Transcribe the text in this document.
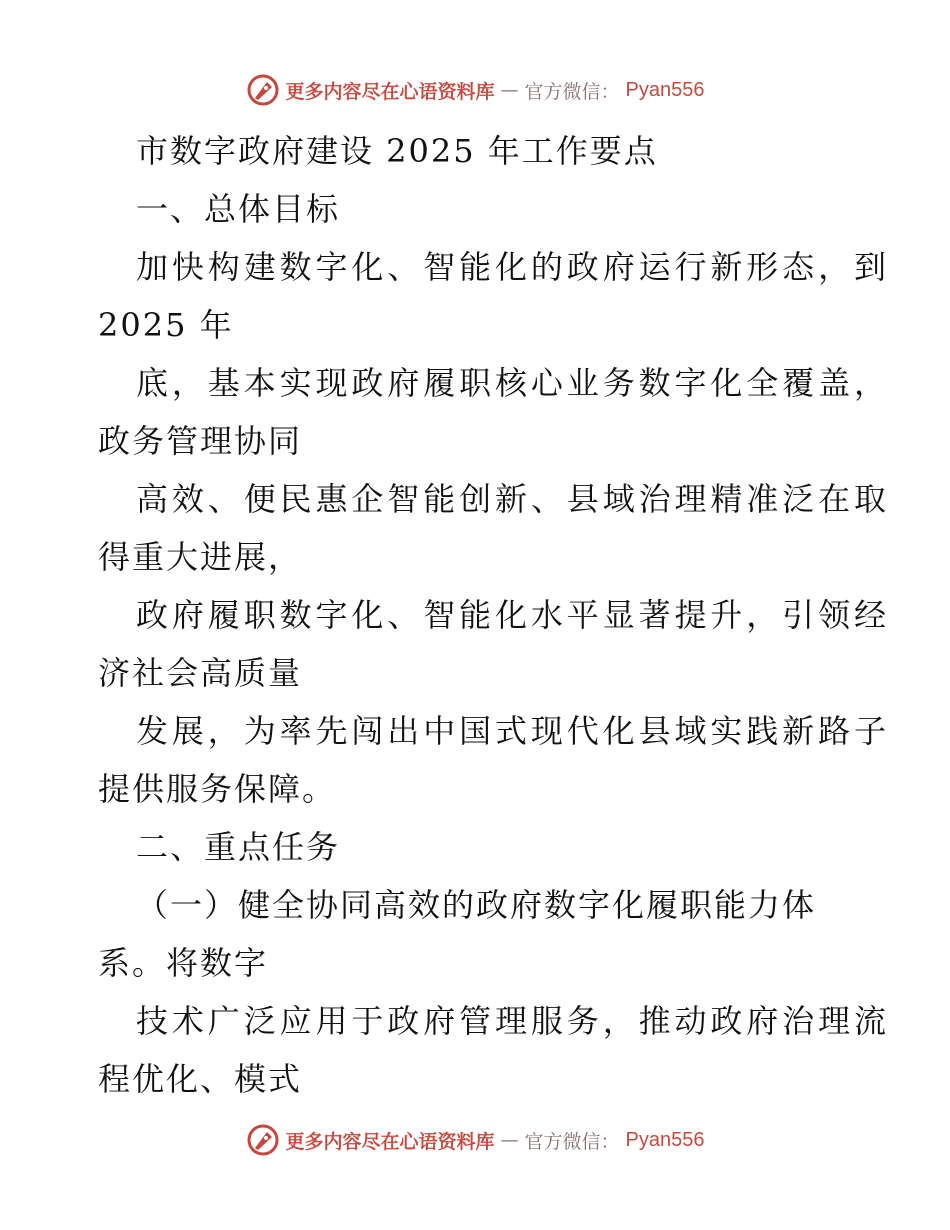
更多内容尽在心语资料库 — 官方微信： Pyan556
市数字政府建设 2025 年工作要点
一、总体目标
加快构建数字化、智能化的政府运行新形态，到
2025 年
底，基本实现政府履职核心业务数字化全覆盖，
政务管理协同
高效、便民惠企智能创新、县域治理精准泛在取
得重大进展，
政府履职数字化、智能化水平显著提升，引领经
济社会高质量
发展，为率先闯出中国式现代化县域实践新路子
提供服务保障。
二、重点任务
（一）健全协同高效的政府数字化履职能力体
系。将数字
技术广泛应用于政府管理服务，推动政府治理流
程优化、模式
更多内容尽在心语资料库 — 官方微信： Pyan556
